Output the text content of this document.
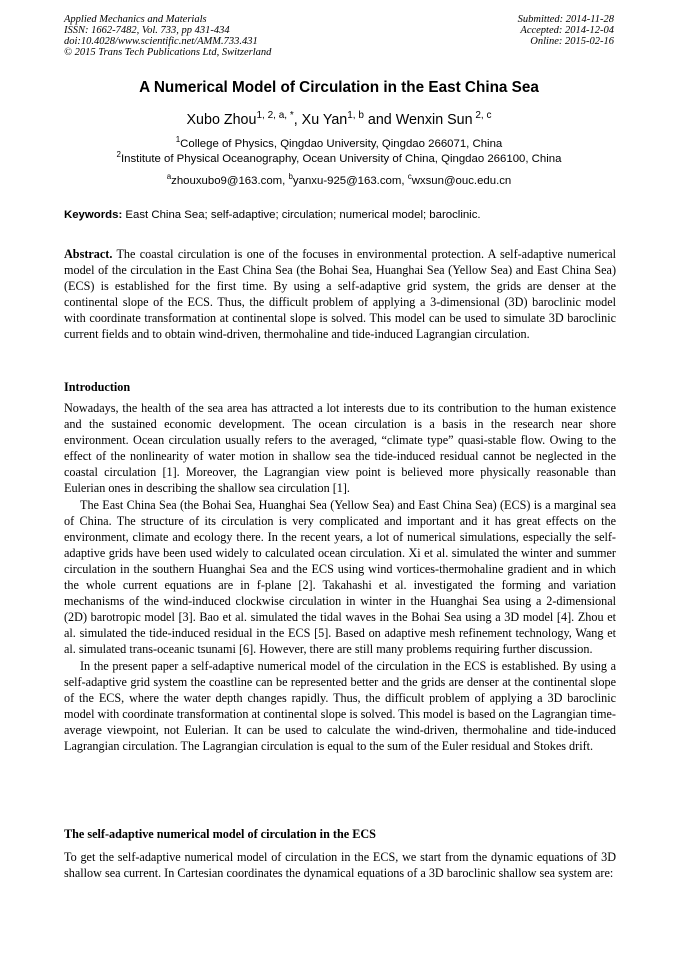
Applied Mechanics and Materials
ISSN: 1662-7482, Vol. 733, pp 431-434
doi:10.4028/www.scientific.net/AMM.733.431
© 2015 Trans Tech Publications Ltd, Switzerland
Submitted: 2014-11-28
Accepted: 2014-12-04
Online: 2015-02-16
A Numerical Model of Circulation in the East China Sea
Xubo Zhou$^{1, 2, a, *}$, Xu Yan$^{1, b}$ and Wenxin Sun $^{2, c}$
$^1$College of Physics, Qingdao University, Qingdao 266071, China
$^2$Institute of Physical Oceanography, Ocean University of China, Qingdao 266100, China
$^a$zhouxubo9@163.com, $^b$yanxu-925@163.com, $^c$wxsun@ouc.edu.cn
Keywords: East China Sea; self-adaptive; circulation; numerical model; baroclinic.

Abstract. The coastal circulation is one of the focuses in environmental protection. A self-adaptive numerical model of the circulation in the East China Sea (the Bohai Sea, Huanghai Sea (Yellow Sea) and East China Sea) (ECS) is established for the first time. By using a self-adaptive grid system, the grids are denser at the continental slope of the ECS. Thus, the difficult problem of applying a 3-dimensional (3D) baroclinic model with coordinate transformation at continental slope is solved. This model can be used to simulate 3D baroclinic current fields and to obtain wind-driven, thermohaline and tide-induced Lagrangian circulation.

Introduction

Nowadays, the health of the sea area has attracted a lot interests due to its contribution to the human existence and the sustained economic development. The ocean circulation is a basis in the research near shore environment. Ocean circulation usually refers to the averaged, “climate type” quasi-stable flow. Owing to the effect of the nonlinearity of water motion in shallow sea the tide-induced residual cannot be neglected in the coastal circulation [1]. Moreover, the Lagrangian view point is believed more physically reasonable than Eulerian ones in describing the shallow sea circulation [1].

The East China Sea (the Bohai Sea, Huanghai Sea (Yellow Sea) and East China Sea) (ECS) is a marginal sea of China. The structure of its circulation is very complicated and important and it has great effects on the environment, climate and ecology there. In the recent years, a lot of numerical simulations, especially the self-adaptive grids have been used widely to calculated ocean circulation. Xi et al. simulated the winter and summer circulation in the southern Huanghai Sea and the ECS using wind vortices-thermohaline gradient and in which the whole current equations are in f-plane [2]. Takahashi et al. investigated the forming and variation mechanisms of the wind-induced clockwise circulation in winter in the Huanghai Sea using a 2-dimensional (2D) barotropic model [3]. Bao et al. simulated the tidal waves in the Bohai Sea using a 3D model [4]. Zhou et al. simulated the tide-induced residual in the ECS [5]. Based on adaptive mesh refinement technology, Wang et al. simulated trans-oceanic tsunami [6]. However, there are still many problems requiring further discussion.

In the present paper a self-adaptive numerical model of the circulation in the ECS is established. By using a self-adaptive grid system the coastline can be represented better and the grids are denser at the continental slope of the ECS, where the water depth changes rapidly. Thus, the difficult problem of applying a 3D baroclinic model with coordinate transformation at continental slope is solved. This model is based on the Lagrangian time-average viewpoint, not Eulerian. It can be used to calculate the wind-driven, thermohaline and tide-induced Lagrangian circulation. The Lagrangian circulation is equal to the sum of the Euler residual and Stokes drift.

The self-adaptive numerical model of circulation in the ECS

To get the self-adaptive numerical model of circulation in the ECS, we start from the dynamic equations of 3D shallow sea current. In Cartesian coordinates the dynamical equations of a 3D baroclinic shallow sea system are:
